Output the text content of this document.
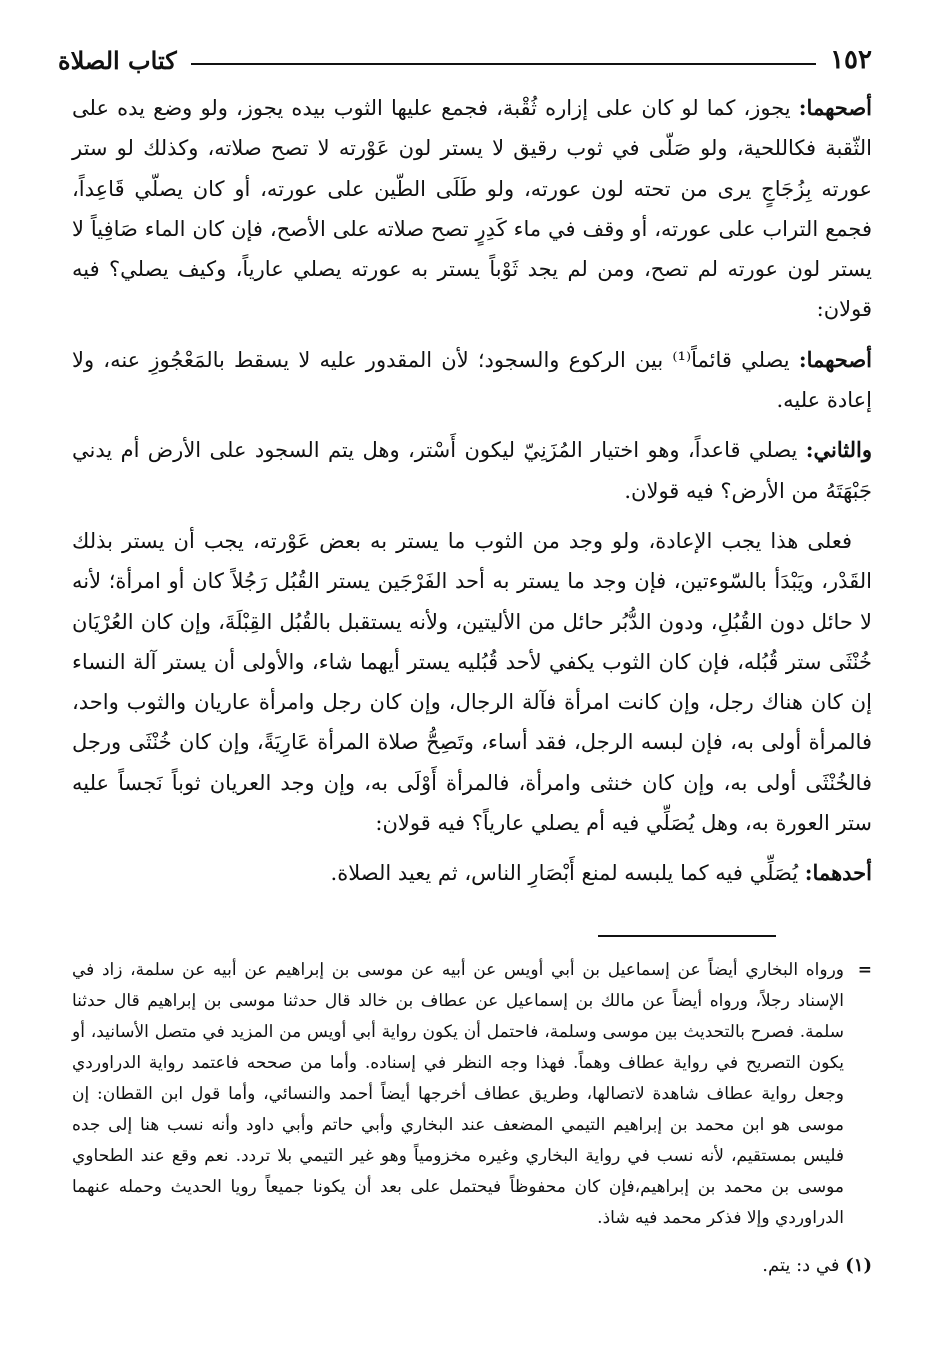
١٥٢
كتاب الصلاة

أصحهما: يجوز، كما لو كان على إزاره ثُقْبة، فجمع عليها الثوب بيده يجوز، ولو وضع يده على الثّقبة فكاللحية، ولو صَلّى في ثوب رقيق لا يستر لون عَوْرته لا تصح صلاته، وكذلك لو ستر عورته بِزُجَاجٍ يرى من تحته لون عورته، ولو طَلَى الطّين على عورته، أو كان يصلّي قَاعِداً، فجمع التراب على عورته، أو وقف في ماء كَدِرٍ تصح صلاته على الأصح، فإن كان الماء صَافِياً لا يستر لون عورته لم تصح، ومن لم يجد ثَوْباً يستر به عورته يصلي عارياً، وكيف يصلي؟ فيه قولان:

أصحهما: يصلي قائماً⁽¹⁾ بين الركوع والسجود؛ لأن المقدور عليه لا يسقط بالمَعْجُوزِ عنه، ولا إعادة عليه.

والثاني: يصلي قاعداً، وهو اختيار المُزَنِيّ ليكون أَسْتر، وهل يتم السجود على الأرض أم يدني جَبْهَتَهُ من الأرض؟ فيه قولان.

فعلى هذا يجب الإعادة، ولو وجد من الثوب ما يستر به بعض عَوْرته، يجب أن يستر بذلك القَدْر، ويَبْدَأ بالسّوءتين، فإن وجد ما يستر به أحد الفَرْجَين يستر القُبُل رَجُلاً كان أو امرأة؛ لأنه لا حائل دون القُبُلِ، ودون الدُّبُر حائل من الأليتين، ولأنه يستقبل بالقُبُل القِبْلَةَ، وإن كان العُرْيَان خُنْثَى ستر قُبُله، فإن كان الثوب يكفي لأحد قُبُليه يستر أيهما شاء، والأولى أن يستر آلة النساء إن كان هناك رجل، وإن كانت امرأة فآلة الرجال، وإن كان رجل وامرأة عاريان والثوب واحد، فالمرأة أولى به، فإن لبسه الرجل، فقد أساء، وتَصِحُّ صلاة المرأة عَارِيَةً، وإن كان خُنْثَى ورجل فالخُنْثَى أولى به، وإن كان خنثى وامرأة، فالمرأة أَوْلَى به، وإن وجد العريان ثوباً نَجساً عليه ستر العورة به، وهل يُصَلِّي فيه أم يصلي عارياً؟ فيه قولان:

أحدهما: يُصَلِّي فيه كما يلبسه لمنع أَبْصَارِ الناس، ثم يعيد الصلاة.

=
ورواه البخاري أيضاً عن إسماعيل بن أبي أويس عن أبيه عن موسى بن إبراهيم عن أبيه عن سلمة، زاد في الإسناد رجلاً، ورواه أيضاً عن مالك بن إسماعيل عن عطاف بن خالد قال حدثنا موسى بن إبراهيم قال حدثنا سلمة. فصرح بالتحديث بين موسى وسلمة، فاحتمل أن يكون رواية أبي أويس من المزيد في متصل الأسانيد، أو يكون التصريح في رواية عطاف وهماً. فهذا وجه النظر في إسناده. وأما من صححه فاعتمد رواية الدراوردي وجعل رواية عطاف شاهدة لاتصالها، وطريق عطاف أخرجها أيضاً أحمد والنسائي، وأما قول ابن القطان: إن موسى هو ابن محمد بن إبراهيم التيمي المضعف عند البخاري وأبي حاتم وأبي داود وأنه نسب هنا إلى جده فليس بمستقيم، لأنه نسب في رواية البخاري وغيره مخزومياً وهو غير التيمي بلا تردد. نعم وقع عند الطحاوي موسى بن محمد بن إبراهيم،فإن كان محفوظاً فيحتمل على بعد أن يكونا جميعاً رويا الحديث وحمله عنهما الدراوردي وإلا فذكر محمد فيه شاذ.
(١) في د: يتم.
